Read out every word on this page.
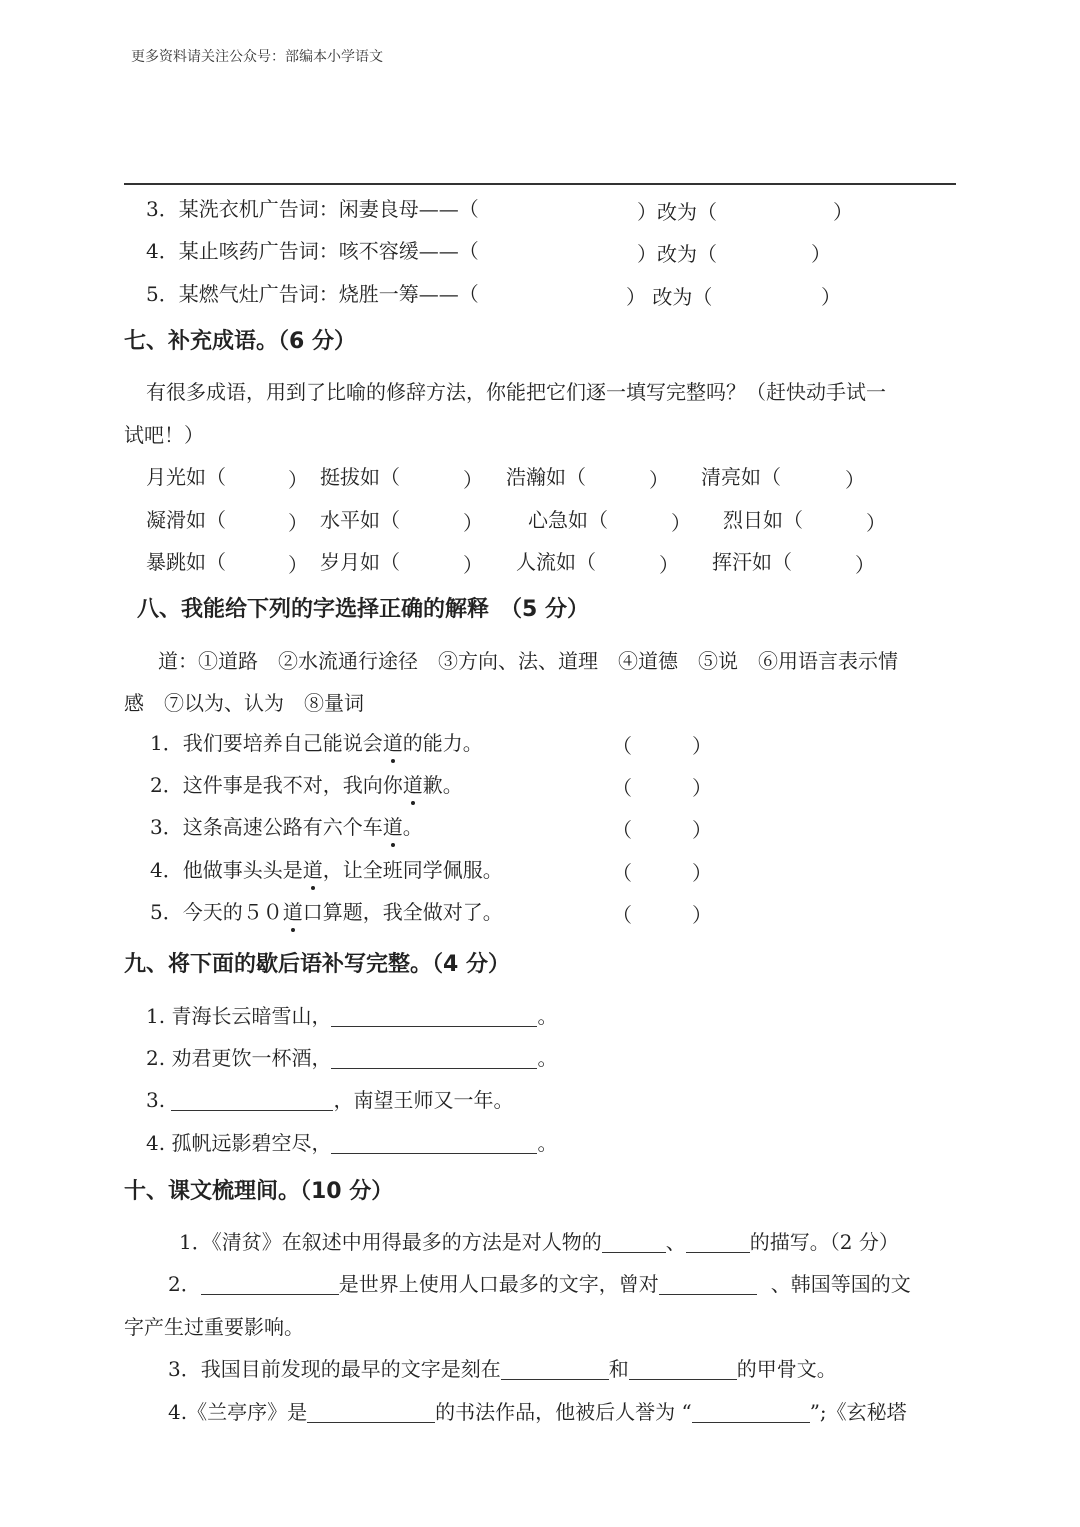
更多资料请关注公众号：部编本小学语文
3．某洗衣机广告词：闲妻良母——（	）改为（	）
4．某止咳药广告词：咳不容缓——（	）改为（	）
5．某燃气灶广告词：烧胜一筹——（	） 改为（	）
七、补充成语。（6 分）
有很多成语，用到了比喻的修辞方法，你能把它们逐一填写完整吗？（赶快动手试一
试吧！）
月光如（	） 挺拔如（	） 浩瀚如（	） 清亮如（	）
凝滑如（	） 水平如（	） 心急如（	） 烈日如（	）
暴跳如（	） 岁月如（	） 人流如（	） 挥汗如（	）
八、我能给下列的字选择正确的解释　（5 分）
道：①道路　②水流通行途径　③方向、法、道理　④道德　⑤说　⑥用语言表示情
感　⑦以为、认为　⑧量词
1．我们要培养自己能说会道的能力。	（	）
2．这件事是我不对，我向你道歉。	（	）
3．这条高速公路有六个车道。	（	）
4．他做事头头是道，让全班同学佩服。	（	）
5．今天的５０道口算题，我全做对了。	（	）
九、将下面的歇后语补写完整。（4 分）
1. 青海长云暗雪山，	。
2. 劝君更饮一杯酒，	。
3.	，南望王师又一年。
4. 孤帆远影碧空尽，	。
十、课文梳理间。（10 分）
1．《清贫》在叙述中用得最多的方法是对人物的	、	的描写。（2 分）
2．	是世界上使用人口最多的文字，曾对	、韩国等国的文
字产生过重要影响。
3．我国目前发现的最早的文字是刻在	和	的甲骨文。
4.《兰亭序》是	的书法作品，他被后人誉为 “	”;《玄秘塔
